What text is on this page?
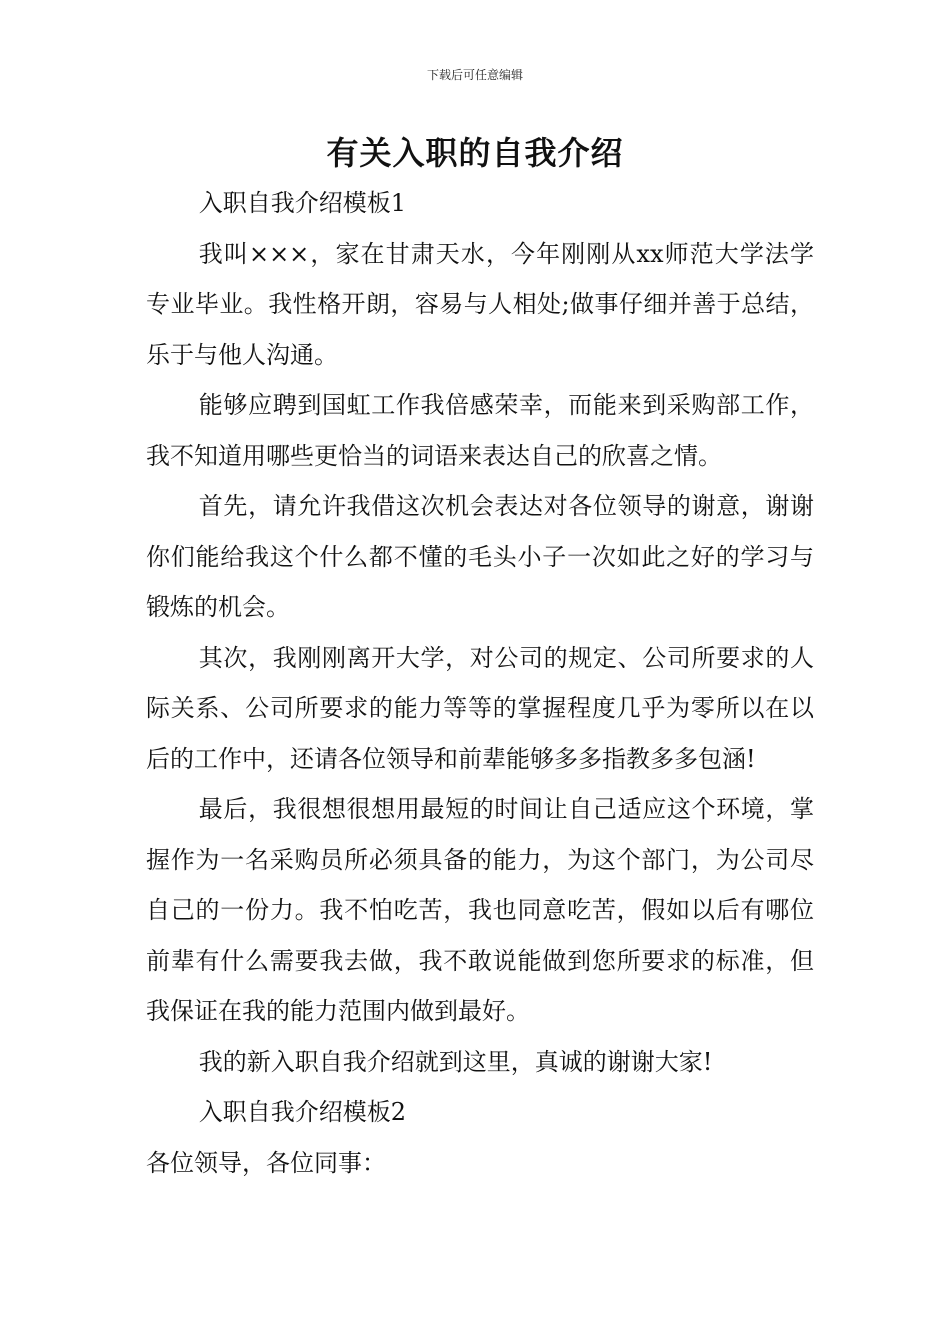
下载后可任意编辑
有关入职的自我介绍

入职自我介绍模板1

我叫×××，家在甘肃天水，今年刚刚从xx师范大学法学专业毕业。我性格开朗，容易与人相处;做事仔细并善于总结，乐于与他人沟通。

能够应聘到国虹工作我倍感荣幸，而能来到采购部工作，我不知道用哪些更恰当的词语来表达自己的欣喜之情。

首先，请允许我借这次机会表达对各位领导的谢意，谢谢你们能给我这个什么都不懂的毛头小子一次如此之好的学习与锻炼的机会。

其次，我刚刚离开大学，对公司的规定、公司所要求的人际关系、公司所要求的能力等等的掌握程度几乎为零所以在以后的工作中，还请各位领导和前辈能够多多指教多多包涵!

最后，我很想很想用最短的时间让自己适应这个环境，掌握作为一名采购员所必须具备的能力，为这个部门，为公司尽自己的一份力。我不怕吃苦，我也同意吃苦，假如以后有哪位前辈有什么需要我去做，我不敢说能做到您所要求的标准，但我保证在我的能力范围内做到最好。

我的新入职自我介绍就到这里，真诚的谢谢大家!

入职自我介绍模板2

各位领导，各位同事：
